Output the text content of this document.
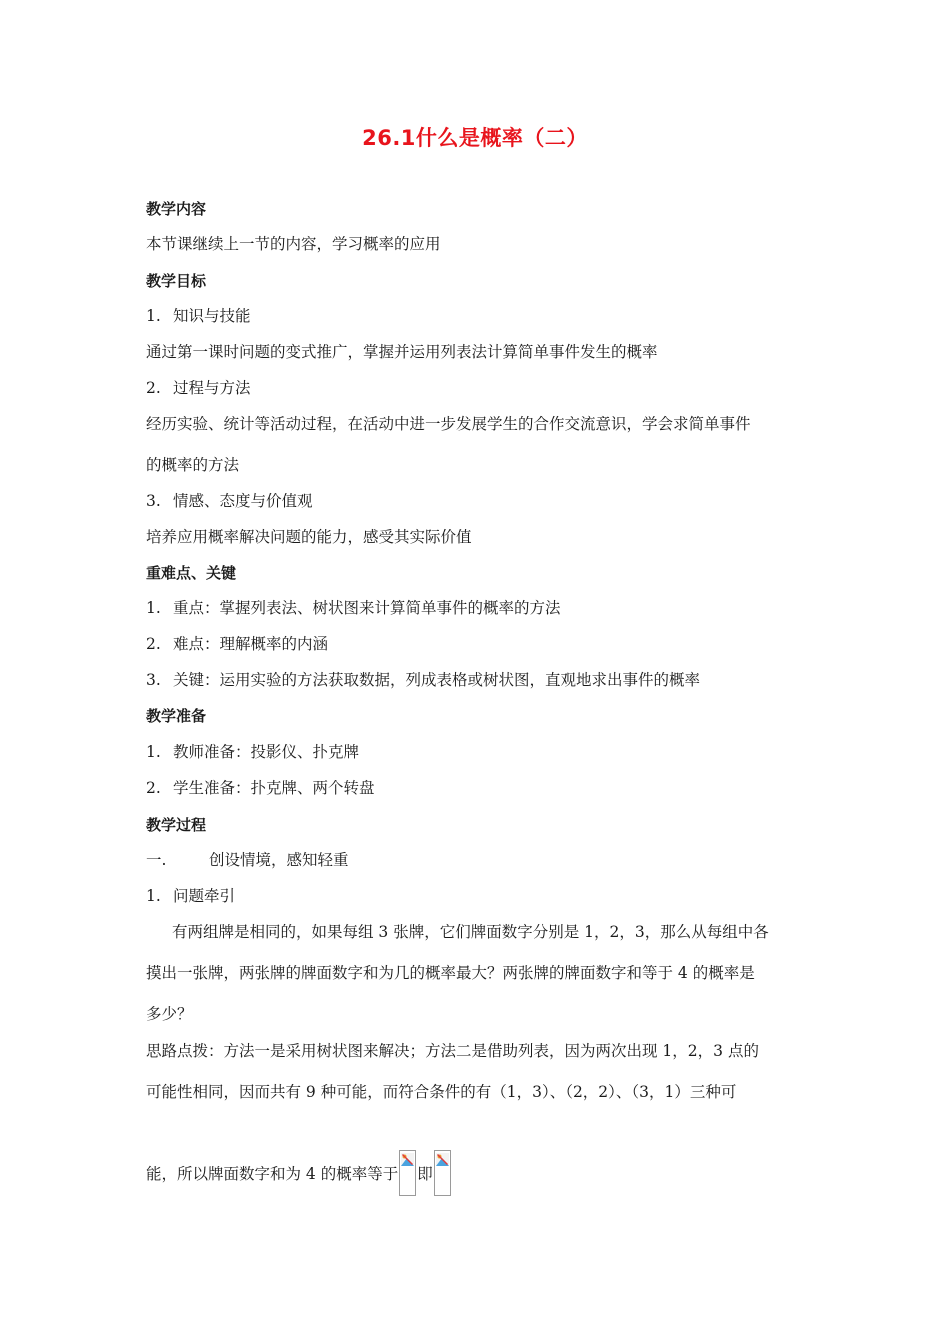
26.1什么是概率（二）
教学内容
本节课继续上一节的内容，学习概率的应用
教学目标
1. 知识与技能
通过第一课时问题的变式推广，掌握并运用列表法计算简单事件发生的概率
2. 过程与方法
经历实验、统计等活动过程，在活动中进一步发展学生的合作交流意识，学会求简单事件
的概率的方法
3. 情感、态度与价值观
培养应用概率解决问题的能力，感受其实际价值
重难点、关键
1. 重点：掌握列表法、树状图来计算简单事件的概率的方法
2. 难点：理解概率的内涵
3. 关键：运用实验的方法获取数据，列成表格或树状图，直观地求出事件的概率
教学准备
1. 教师准备：投影仪、扑克牌
2. 学生准备：扑克牌、两个转盘
教学过程
一.	创设情境，感知轻重
1. 问题牵引
有两组牌是相同的，如果每组 3 张牌，它们牌面数字分别是 1，2，3，那么从每组中各
摸出一张牌，两张牌的牌面数字和为几的概率最大？两张牌的牌面数字和等于 4 的概率是
多少？
思路点拨：方法一是采用树状图来解决；方法二是借助列表，因为两次出现 1，2，3 点的
可能性相同，因而共有 9 种可能，而符合条件的有（1，3）、（2，2）、（3，1）三种可
能，所以牌面数字和为 4 的概率等于 即
